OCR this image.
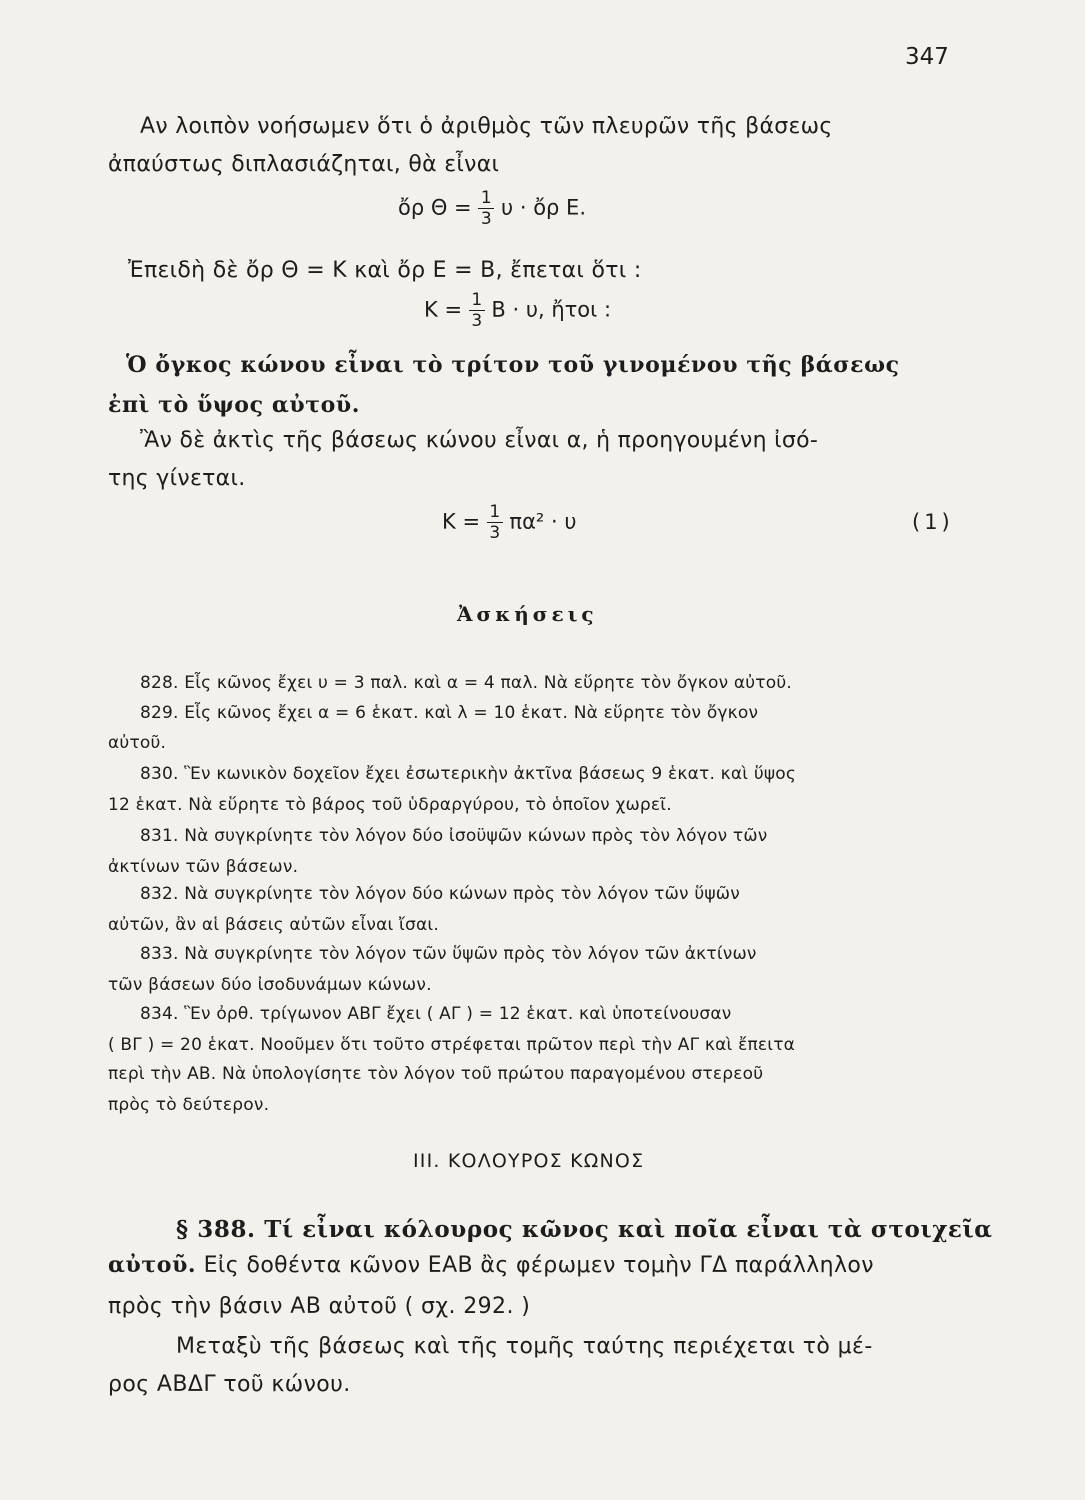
347
Αν λοιπὸν νοήσωμεν ὅτι ὁ ἀριθμὸς τῶν πλευρῶν τῆς βάσεως
ἀπαύστως διπλασιάζηται, θὰ εἶναι
ὄρ $\Theta = \frac{1}{3}$ υ · ὄρ Ε.
Ἐπειδὴ δὲ ὄρ Θ = Κ καὶ ὄρ Ε = Β, ἔπεται ὅτι :
$K = \frac{1}{3}$ Β · υ, ἤτοι :
Ὁ ὄγκος κώνου εἶναι τὸ τρίτον τοῦ γινομένου τῆς βάσεως
ἐπὶ τὸ ὕψος αὐτοῦ.
Ἂν δὲ ἀκτὶς τῆς βάσεως κώνου εἶναι α, ἡ προηγουμένη ἰσό-
της γίνεται.
$K = \frac{1}{3} \pi\alpha^2 \cdot \upsilon$	(1)
Ἀσκήσεις
828. Εἷς κῶνος ἔχει υ = 3 παλ. καὶ α = 4 παλ. Νὰ εὕρητε τὸν ὄγκον αὐτοῦ.
829. Εἷς κῶνος ἔχει α = 6 ἑκατ. καὶ λ = 10 ἑκατ. Νὰ εὕρητε τὸν ὄγκον
αὐτοῦ.
830. Ἓν κωνικὸν δοχεῖον ἔχει ἐσωτερικὴν ἀκτῖνα βάσεως 9 ἑκατ. καὶ ὕψος
12 ἑκατ. Νὰ εὕρητε τὸ βάρος τοῦ ὑδραργύρου, τὸ ὁποῖον χωρεῖ.
831. Νὰ συγκρίνητε τὸν λόγον δύο ἰσοϋψῶν κώνων πρὸς τὸν λόγον τῶν
ἀκτίνων τῶν βάσεων.
832. Νὰ συγκρίνητε τὸν λόγον δύο κώνων πρὸς τὸν λόγον τῶν ὕψῶν
αὐτῶν, ἂν αἱ βάσεις αὐτῶν εἶναι ἴσαι.
833. Νὰ συγκρίνητε τὸν λόγον τῶν ὕψῶν πρὸς τὸν λόγον τῶν ἀκτίνων
τῶν βάσεων δύο ἰσοδυνάμων κώνων.
834. Ἓν ὀρθ. τρίγωνον ΑΒΓ ἔχει ( ΑΓ ) = 12 ἑκατ. καὶ ὑποτείνουσαν
( ΒΓ ) = 20 ἑκατ. Νοοῦμεν ὅτι τοῦτο στρέφεται πρῶτον περὶ τὴν ΑΓ καὶ ἔπειτα
περὶ τὴν ΑΒ. Νὰ ὑπολογίσητε τὸν λόγον τοῦ πρώτου παραγομένου στερεοῦ
πρὸς τὸ δεύτερον.
III. ΚΟΛΟΥΡΟΣ ΚΩΝΟΣ
§ 388. Τί εἶναι κόλουρος κῶνος καὶ ποῖα εἶναι τὰ στοιχεῖα
αὐτοῦ. Εἰς δοθέντα κῶνον ΕΑΒ ἂς φέρωμεν τομὴν ΓΔ παράλληλον
πρὸς τὴν βάσιν ΑΒ αὐτοῦ ( σχ. 292. )
Μεταξὺ τῆς βάσεως καὶ τῆς τομῆς ταύτης περιέχεται τὸ μέ-
ρος ΑΒΔΓ τοῦ κώνου.
